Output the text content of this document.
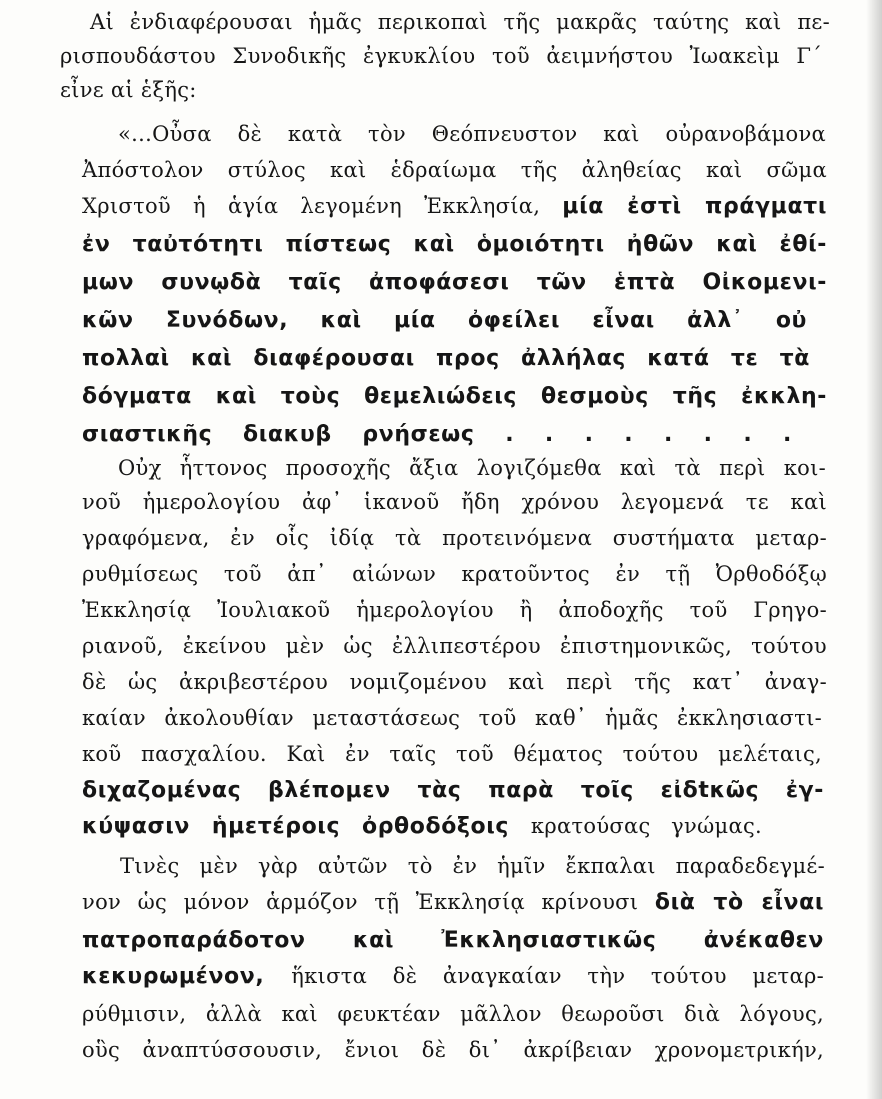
Αἱ ἐνδιαφέρουσαι ἡμᾶς περικοπαὶ τῆς μακρᾶς ταύτης καὶ πε-
ρισπουδάστου Συνοδικῆς ἐγκυκλίου τοῦ ἀειμνήστου Ἰωακεὶμ Γ΄
εἶνε αἱ ἑξῆς:
«...Οὖσα δὲ κατὰ τὸν Θεόπνευστον καὶ οὐρανοβάμονα
Ἀπόστολον στύλος καὶ ἑδραίωμα τῆς ἀληθείας καὶ σῶμα
Χριστοῦ ἡ ἁγία λεγομένη Ἐκκλησία, μία ἐστὶ πράγματι
ἐν ταὐτότητι πίστεως καὶ ὁμοιότητι ἠθῶν καὶ ἐθί-
μων συνῳδὰ ταῖς ἀποφάσεσι τῶν ἑπτὰ Οἰκομενι-
κῶν Συνόδων, καὶ μία ὀφείλει εἶναι ἀλλ᾽ οὐ
πολλαὶ καὶ διαφέρουσαι προς ἀλλήλας κατά τε τὰ
δόγματα καὶ τοὺς θεμελιώδεις θεσμοὺς τῆς ἐκκλη-
σιαστικῆς διακυβ ρνήσεως . . . . . . . .
Οὐχ ἧττονος προσοχῆς ἄξια λογιζόμεθα καὶ τὰ περὶ κοι-
νοῦ ἡμερολογίου ἀφ᾽ ἱκανοῦ ἤδη χρόνου λεγομενά τε καὶ
γραφόμενα, ἐν οἷς ἰδίᾳ τὰ προτεινόμενα συστήματα μεταρ-
ρυθμίσεως τοῦ ἀπ᾽ αἰώνων κρατοῦντος ἐν τῇ Ὀρθοδόξῳ
Ἐκκλησίᾳ Ἰουλιακοῦ ἡμερολογίου ἢ ἀποδοχῆς τοῦ Γρηγο-
ριανοῦ, ἐκείνου μὲν ὡς ἐλλιπεστέρου ἐπιστημονικῶς, τούτου
δὲ ὡς ἀκριβεστέρου νομιζομένου καὶ περὶ τῆς κατ᾽ ἀναγ-
καίαν ἀκολουθίαν μεταστάσεως τοῦ καθ᾽ ἡμᾶς ἐκκλησιαστι-
κοῦ πασχαλίου. Καὶ ἐν ταῖς τοῦ θέματος τούτου μελέταις,
διχαζομένας βλέπομεν τὰς παρὰ τοῖς εἰδtκῶς ἐγ-
κύψασιν ἡμετέροις ὀρθοδόξοις κρατούσας γνώμας.
Τινὲς μὲν γὰρ αὐτῶν τὸ ἐν ἡμῖν ἔκπαλαι παραδεδεγμέ-
νον ὡς μόνον ἁρμόζον τῇ Ἐκκλησίᾳ κρίνουσι διὰ τὸ εἶναι
πατροπαράδοτον καὶ Ἐκκλησιαστικῶς ἀνέκαθεν
κεκυρωμένον, ἥκιστα δὲ ἀναγκαίαν τὴν τούτου μεταρ-
ρύθμισιν, ἀλλὰ καὶ φευκτέαν μᾶλλον θεωροῦσι διὰ λόγους,
οὓς ἀναπτύσσουσιν, ἔνιοι δὲ δι᾽ ἀκρίβειαν χρονομετρικήν,
